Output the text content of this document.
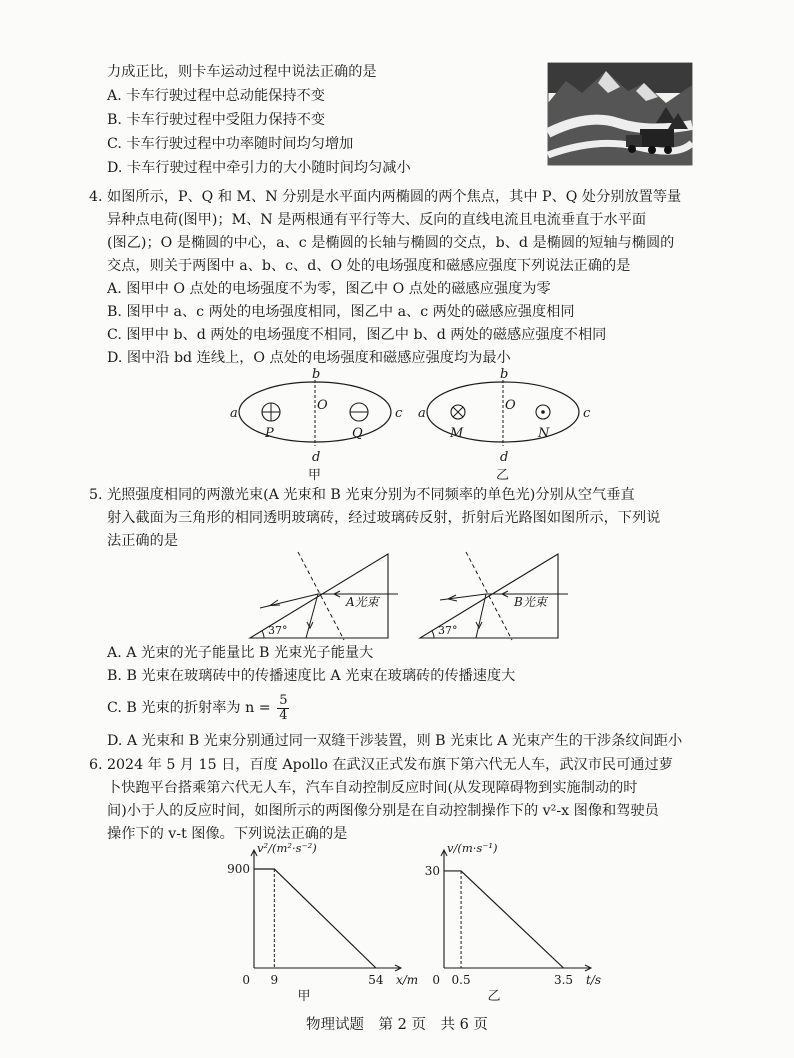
力成正比，则卡车运动过程中说法正确的是
A. 卡车行驶过程中总动能保持不变
B. 卡车行驶过程中受阻力保持不变
C. 卡车行驶过程中功率随时间均匀增加
D. 卡车行驶过程中牵引力的大小随时间均匀减小
4. 如图所示，P、Q 和 M、N 分别是水平面内两椭圆的两个焦点，其中 P、Q 处分别放置等量
异种点电荷(图甲)；M、N 是两根通有平行等大、反向的直线电流且电流垂直于水平面
(图乙)；O 是椭圆的中心，a、c 是椭圆的长轴与椭圆的交点，b、d 是椭圆的短轴与椭圆的
交点，则关于两图中 a、b、c、d、O 处的电场强度和磁感应强度下列说法正确的是
A. 图甲中 O 点处的电场强度不为零，图乙中 O 点处的磁感应强度为零
B. 图甲中 a、c 两处的电场强度相同，图乙中 a、c 两处的磁感应强度相同
C. 图甲中 b、d 两处的电场强度不相同，图乙中 b、d 两处的磁感应强度不相同
D. 图中沿 bd 连线上，O 点处的电场强度和磁感应强度均为最小
a	c
b
d
O
P	Q
甲
a	c
b
d
O
M	N
乙
5. 光照强度相同的两激光束(A 光束和 B 光束分别为不同频率的单色光)分别从空气垂直
射入截面为三角形的相同透明玻璃砖，经过玻璃砖反射，折射后光路图如图所示，下列说
法正确的是
37°
A光束
37°
B光束
A. A 光束的光子能量比 B 光束光子能量大
B. B 光束在玻璃砖中的传播速度比 A 光束在玻璃砖的传播速度大
C. B 光束的折射率为 $n = \frac{5}{4}$
D. A 光束和 B 光束分别通过同一双缝干涉装置，则 B 光束比 A 光束产生的干涉条纹间距小
6. 2024 年 5 月 15 日，百度 Apollo 在武汉正式发布旗下第六代无人车，武汉市民可通过萝
卜快跑平台搭乘第六代无人车，汽车自动控制反应时间(从发现障碍物到实施制动的时
间)小于人的反应时间，如图所示的两图像分别是在自动控制操作下的 v²-x 图像和驾驶员
操作下的 v-t 图像。下列说法正确的是
900
0 9	54
v²/(m²·s⁻²)
x/m
甲
30
0 0.5	3.5
v/(m·s⁻¹)
t/s
乙
物理试题　第 2 页　共 6 页
